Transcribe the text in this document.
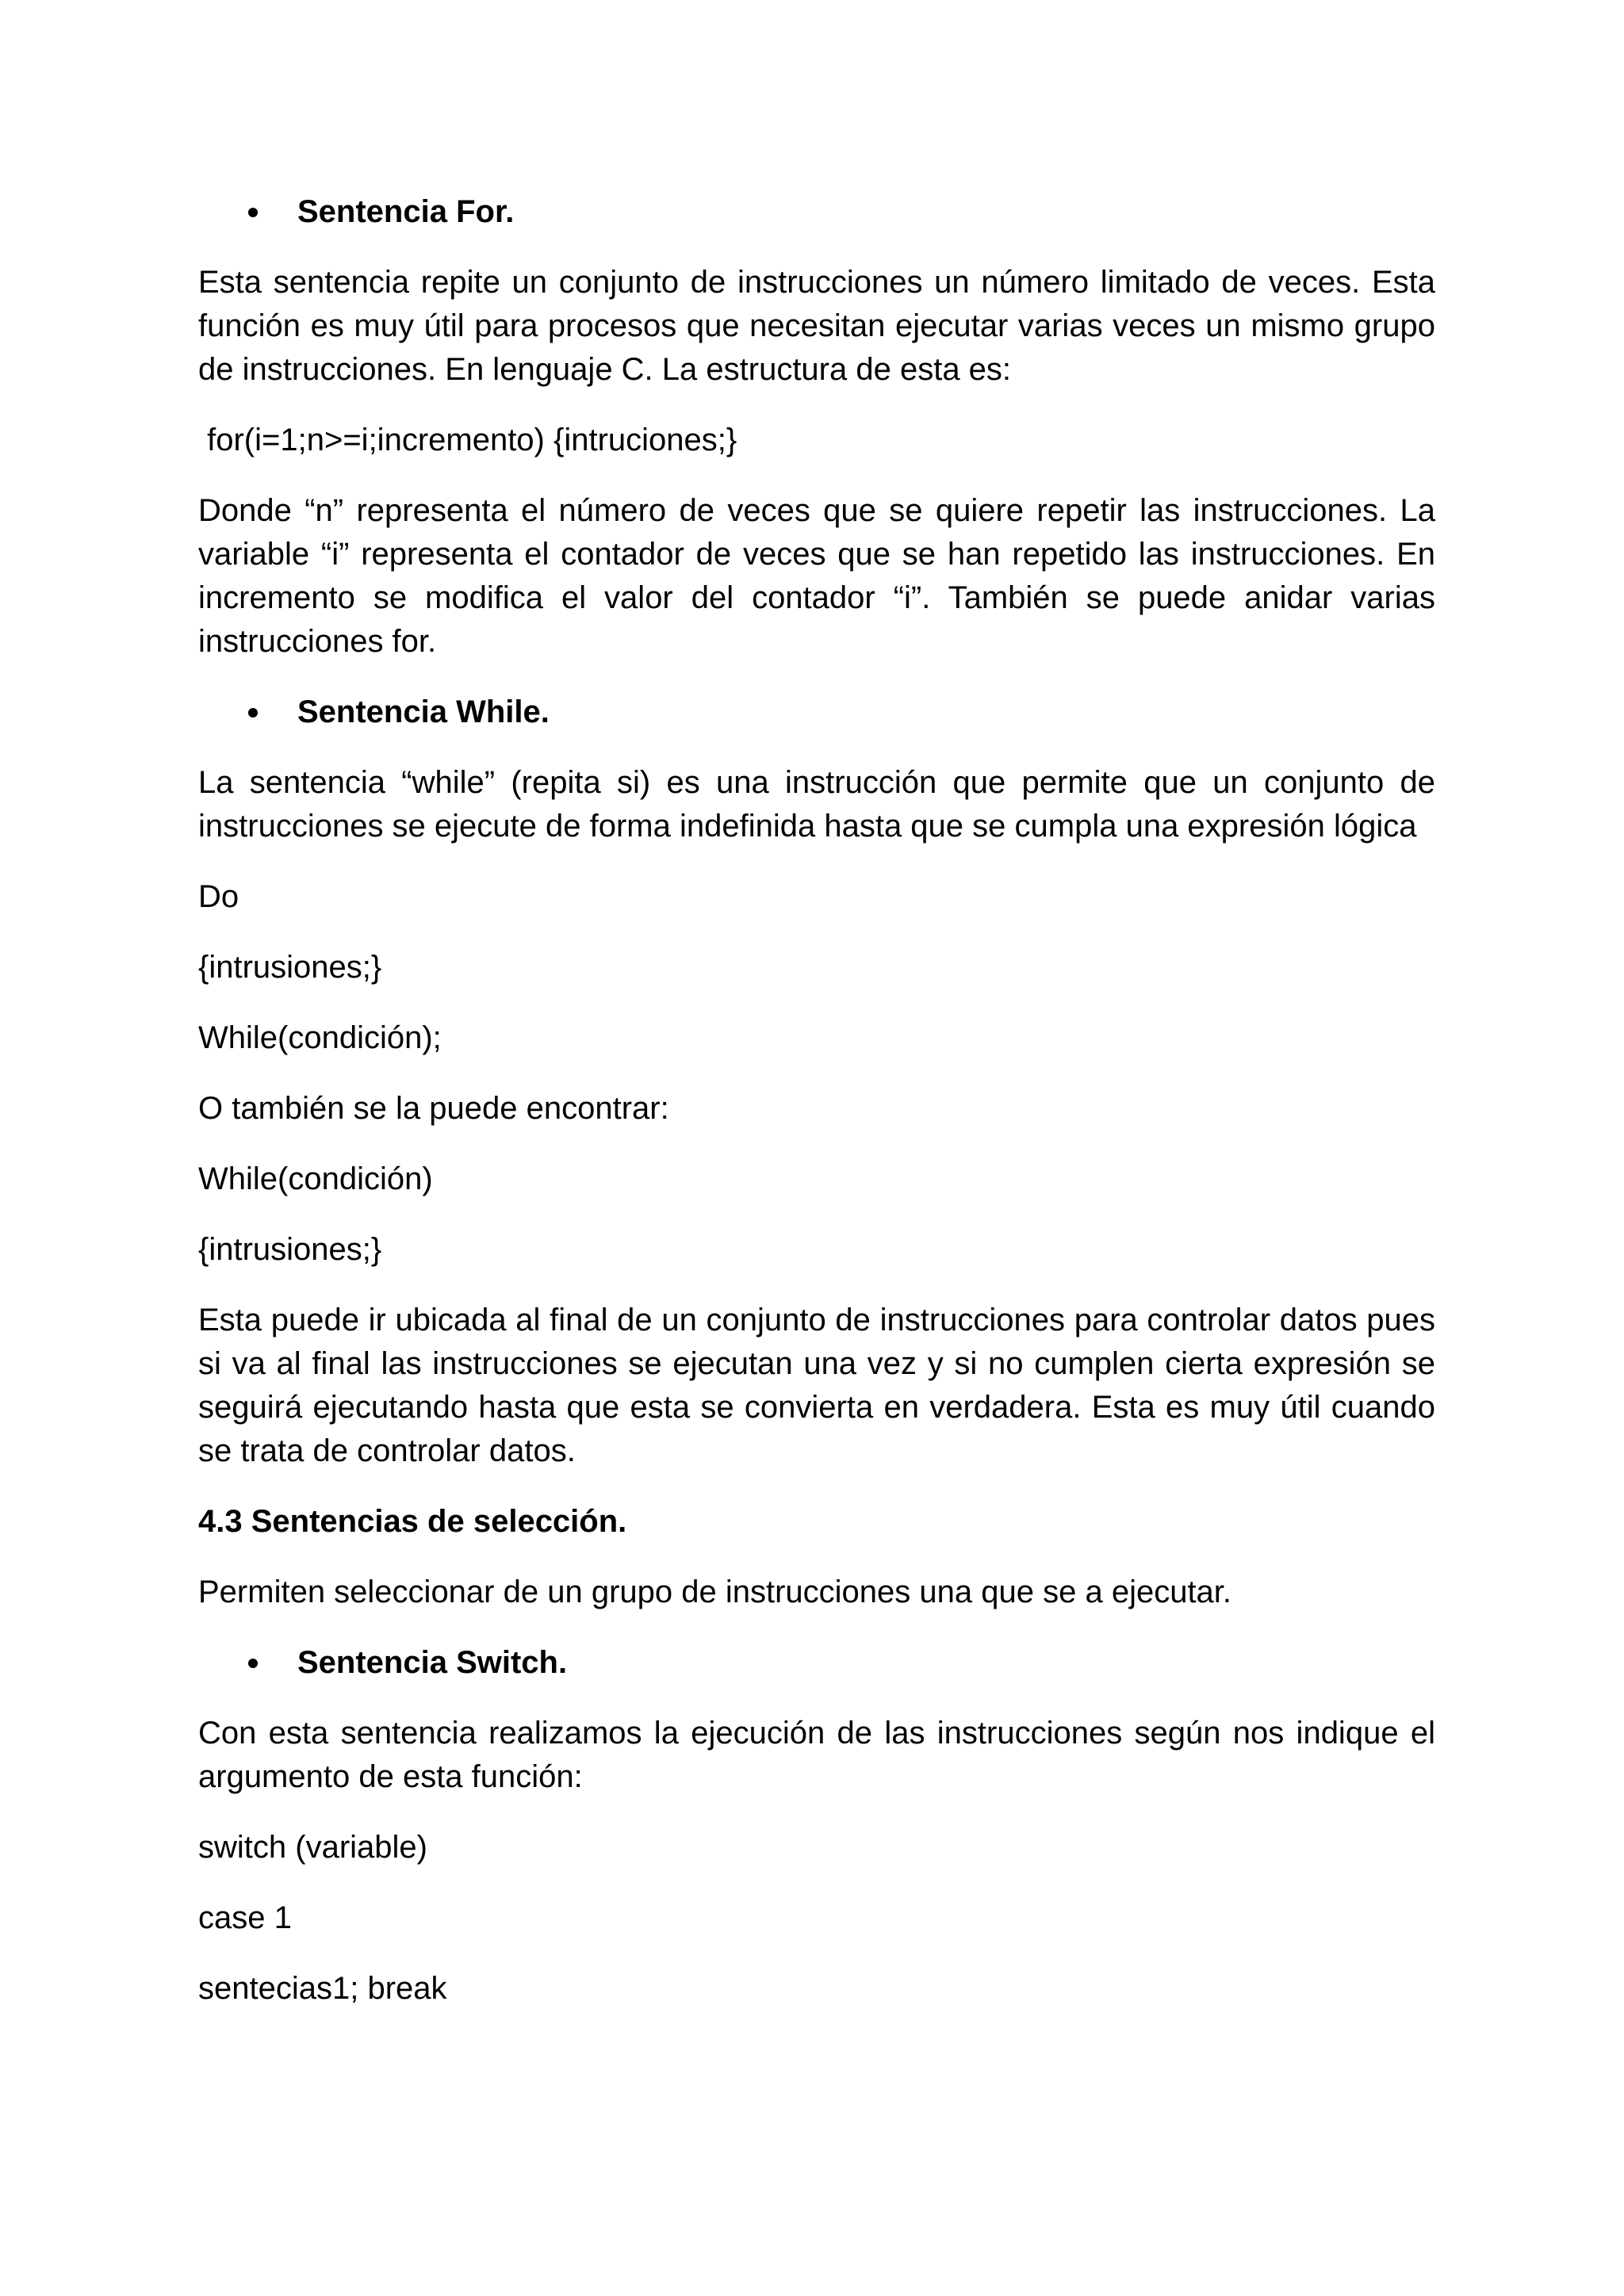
Sentencia For.

Esta sentencia repite un conjunto de instrucciones un número limitado de veces. Esta función es muy útil para procesos que necesitan ejecutar varias veces un mismo grupo de instrucciones. En lenguaje C. La estructura de esta es:

for(i=1;n>=i;incremento) {intruciones;}

Donde “n” representa el número de veces que se quiere repetir las instrucciones. La variable “i” representa el contador de veces que se han repetido las instrucciones. En incremento se modifica el valor del contador “i”. También se puede anidar varias instrucciones for.

Sentencia While.

La sentencia “while” (repita si) es una instrucción que permite que un conjunto de instrucciones se ejecute de forma indefinida hasta que se cumpla una expresión lógica

Do
{intrusiones;}
While(condición);
O también se la puede encontrar:
While(condición)
{intrusiones;}

Esta puede ir ubicada al final de un conjunto de instrucciones para controlar datos pues si va al final las instrucciones se ejecutan una vez y si no cumplen cierta expresión se seguirá ejecutando hasta que esta se convierta en verdadera. Esta es muy útil cuando se trata de controlar datos.

4.3 Sentencias de selección.

Permiten seleccionar de un grupo de instrucciones una que se a ejecutar.

Sentencia Switch.

Con esta sentencia realizamos la ejecución de las instrucciones según nos indique el argumento de esta función:

switch (variable)
case 1
sentecias1; break
